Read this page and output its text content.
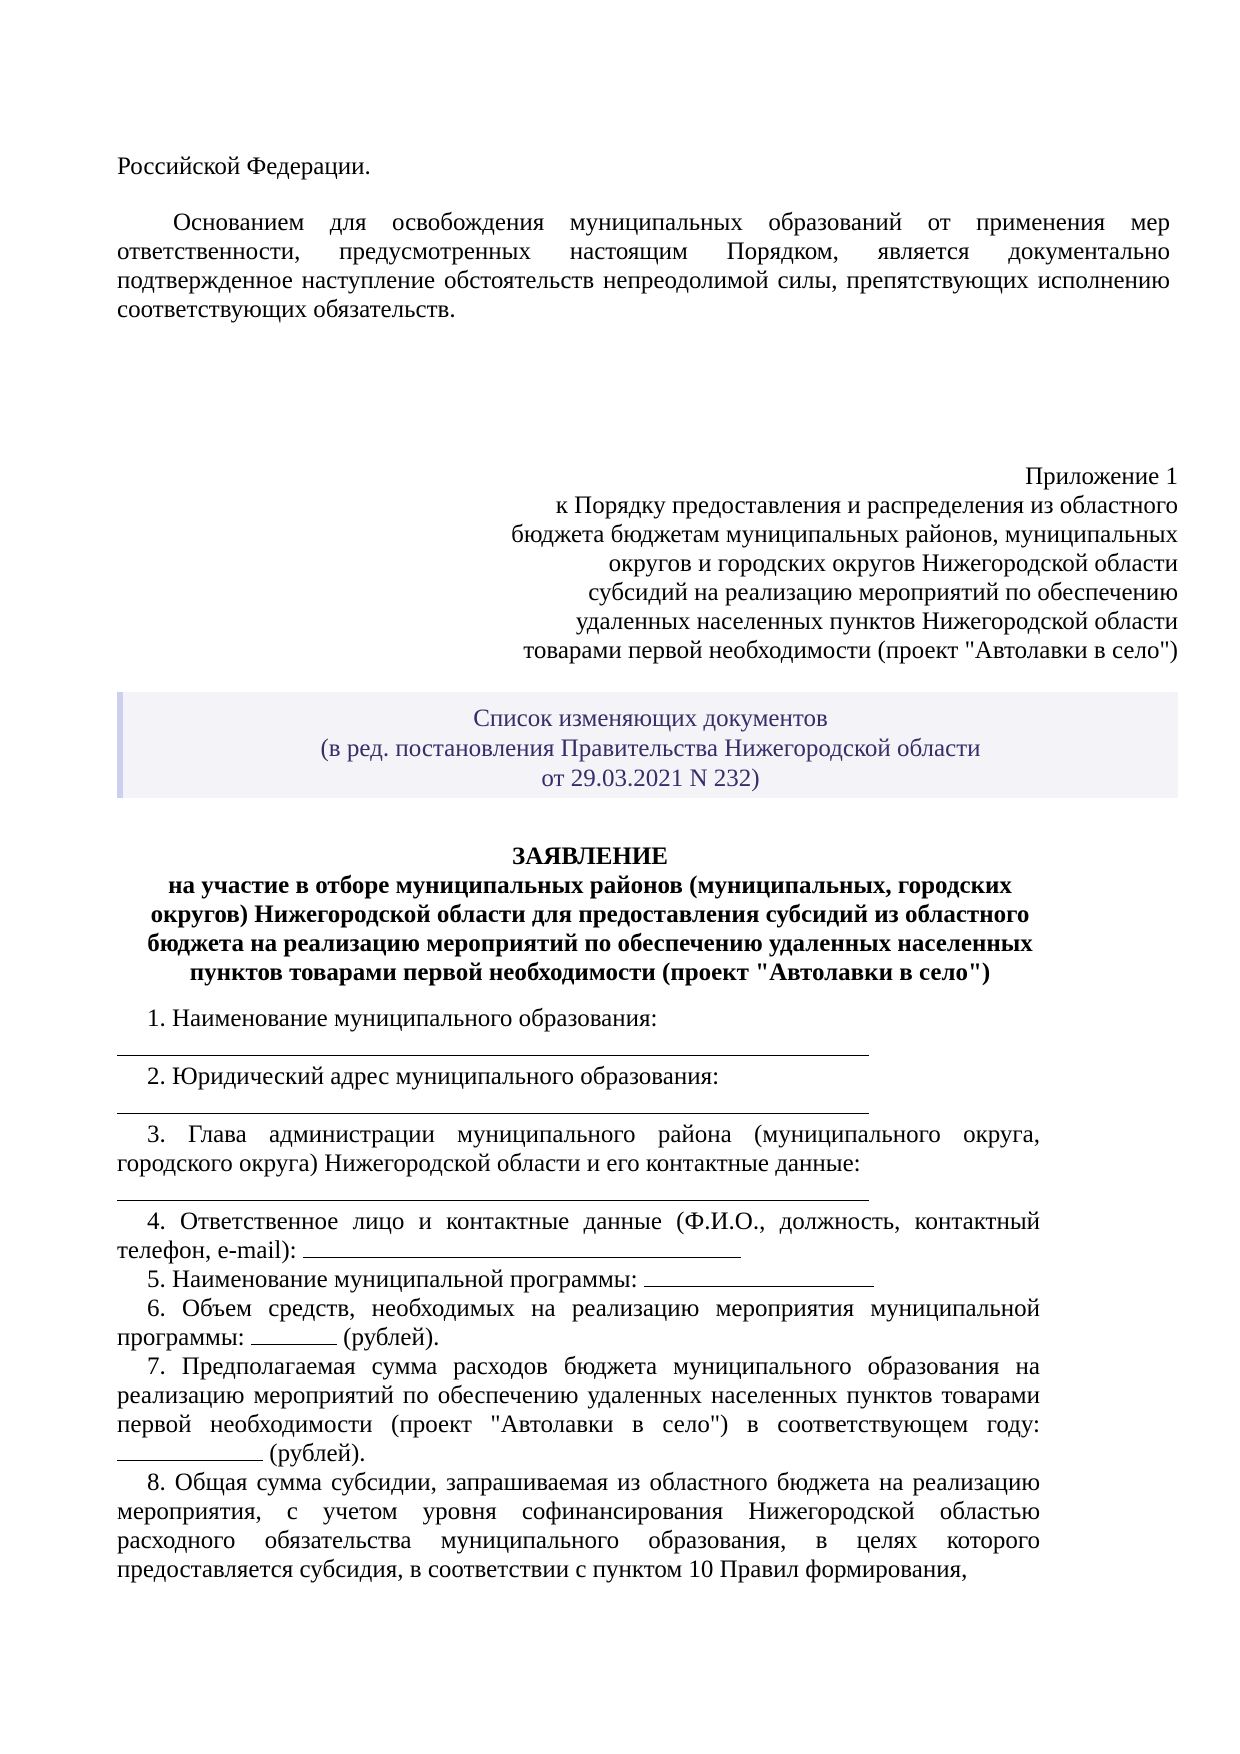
Российской Федерации.

Основанием для освобождения муниципальных образований от применения мер ответственности, предусмотренных настоящим Порядком, является документально подтвержденное наступление обстоятельств непреодолимой силы, препятствующих исполнению соответствующих обязательств.

Приложение 1
к Порядку предоставления и распределения из областного
бюджета бюджетам муниципальных районов, муниципальных
округов и городских округов Нижегородской области
субсидий на реализацию мероприятий по обеспечению
удаленных населенных пунктов Нижегородской области
товарами первой необходимости (проект "Автолавки в село")
Список изменяющих документов
(в ред. постановления Правительства Нижегородской области
от 29.03.2021 N 232)
ЗАЯВЛЕНИЕ
на участие в отборе муниципальных районов (муниципальных, городских
округов) Нижегородской области для предоставления субсидий из областного
бюджета на реализацию мероприятий по обеспечению удаленных населенных
пунктов товарами первой необходимости (проект "Автолавки в село")

1. Наименование муниципального образования:

2. Юридический адрес муниципального образования:

3. Глава администрации муниципального района (муниципального округа, городского округа) Нижегородской области и его контактные данные:

4. Ответственное лицо и контактные данные (Ф.И.О., должность, контактный телефон, e-mail):

5. Наименование муниципальной программы:

6. Объем средств, необходимых на реализацию мероприятия муниципальной программы:	(рублей).

7. Предполагаемая сумма расходов бюджета муниципального образования на реализацию мероприятий по обеспечению удаленных населенных пунктов товарами первой необходимости (проект "Автолавки в село") в соответствующем году:  (рублей).

8. Общая сумма субсидии, запрашиваемая из областного бюджета на реализацию мероприятия, с учетом уровня софинансирования Нижегородской областью расходного обязательства муниципального образования, в целях которого предоставляется субсидия, в соответствии с пунктом 10 Правил формирования,
